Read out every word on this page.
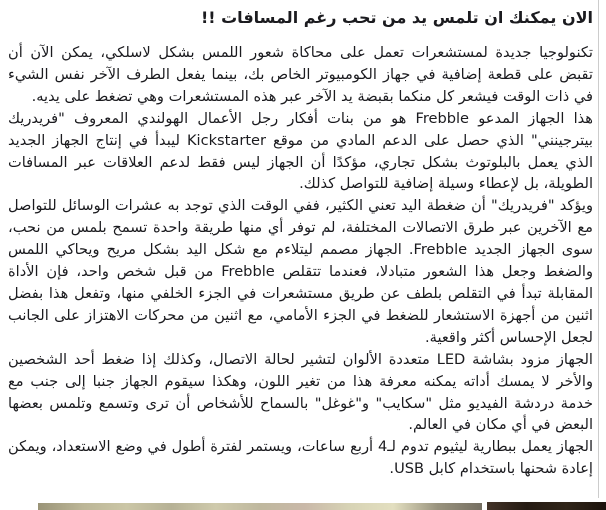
الان يمكنك ان تلمس يد من تحب رغم المسافات !!

تكنولوجيا جديدة لمستشعرات تعمل على محاكاة شعور اللمس بشكل لاسلكي، يمكن الآن أن تقبض على قطعة إضافية في جهاز الكومبيوتر الخاص بك، بينما يفعل الطرف الآخر نفس الشيء في ذات الوقت فيشعر كل منكما بقبضة يد الآخر عبر هذه المستشعرات وهي تضغط على يديه.

هذا الجهاز المدعو Frebble هو من بنات أفكار رجل الأعمال الهولندي المعروف "فريدريك بيترجينني" الذي حصل على الدعم المادي من موقع Kickstarter ليبدأ في إنتاج الجهاز الجديد الذي يعمل بالبلوتوث بشكل تجاري، مؤكدًا أن الجهاز ليس فقط لدعم العلاقات عبر المسافات الطويلة، بل لإعطاء وسيلة إضافية للتواصل كذلك.

ويؤكد "فريدريك" أن ضغطة اليد تعني الكثير، ففي الوقت الذي توجد به عشرات الوسائل للتواصل مع الآخرين عبر طرق الاتصالات المختلفة، لم توفر أي منها طريقة واحدة تسمح بلمس من نحب، سوى الجهاز الجديد Frebble. الجهاز مصمم ليتلاءم مع شكل اليد بشكل مريح ويحاكي اللمس والضغط وجعل هذا الشعور متبادلا، فعندما تتقلص Frebble من قبل شخص واحد، فإن الأداة المقابلة تبدأ في التقلص بلطف عن طريق مستشعرات في الجزء الخلفي منها، وتفعل هذا بفضل اثنين من أجهزة الاستشعار للضغط في الجزء الأمامي، مع اثنين من محركات الاهتزاز على الجانب لجعل الإحساس أكثر واقعية.

الجهاز مزود بشاشة LED متعددة الألوان لتشير لحالة الاتصال، وكذلك إذا ضغط أحد الشخصين والأخر لا يمسك أداته يمكنه معرفة هذا من تغير اللون، وهكذا سيقوم الجهاز جنبا إلى جنب مع خدمة دردشة الفيديو مثل "سكايب" و"غوغل" بالسماح للأشخاص أن ترى وتسمع وتلمس بعضها البعض في أي مكان في العالم.

الجهاز يعمل ببطارية ليثيوم تدوم لـ4 أربع ساعات، ويستمر لفترة أطول في وضع الاستعداد، ويمكن إعادة شحنها باستخدام كابل USB.
